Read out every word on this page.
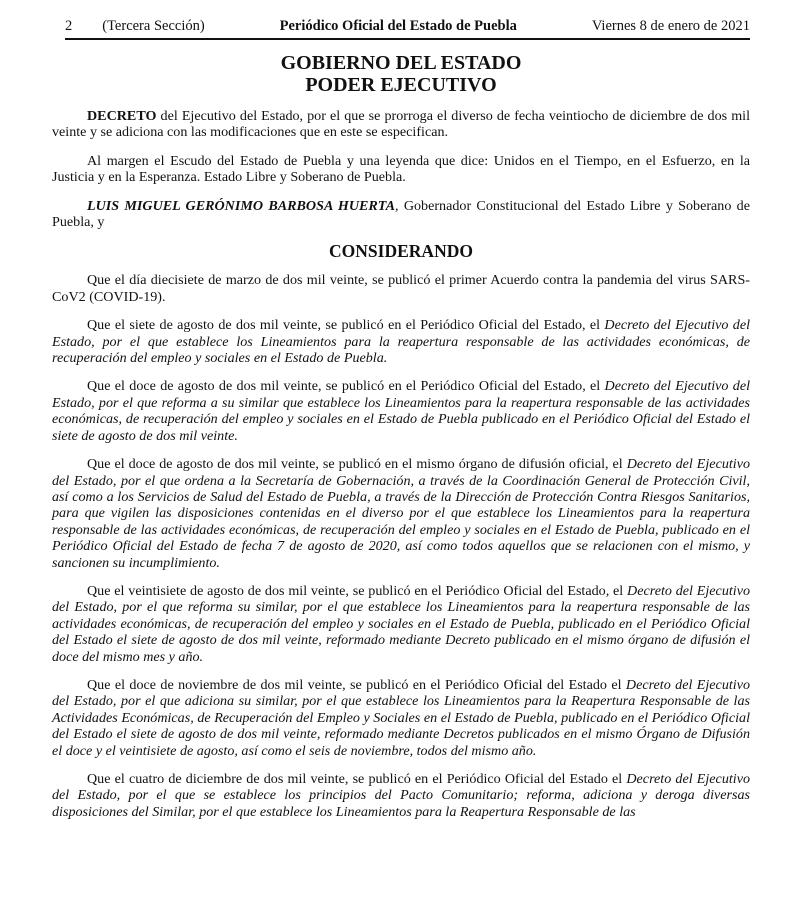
2 (Tercera Sección)	Periódico Oficial del Estado de Puebla	Viernes 8 de enero de 2021
GOBIERNO DEL ESTADO
PODER EJECUTIVO

DECRETO del Ejecutivo del Estado, por el que se prorroga el diverso de fecha veintiocho de diciembre de dos mil veinte y se adiciona con las modificaciones que en este se especifican.

Al margen el Escudo del Estado de Puebla y una leyenda que dice: Unidos en el Tiempo, en el Esfuerzo, en la Justicia y en la Esperanza. Estado Libre y Soberano de Puebla.

LUIS MIGUEL GERÓNIMO BARBOSA HUERTA, Gobernador Constitucional del Estado Libre y Soberano de Puebla, y

CONSIDERANDO

Que el día diecisiete de marzo de dos mil veinte, se publicó el primer Acuerdo contra la pandemia del virus SARS-CoV2 (COVID-19).

Que el siete de agosto de dos mil veinte, se publicó en el Periódico Oficial del Estado, el Decreto del Ejecutivo del Estado, por el que establece los Lineamientos para la reapertura responsable de las actividades económicas, de recuperación del empleo y sociales en el Estado de Puebla.

Que el doce de agosto de dos mil veinte, se publicó en el Periódico Oficial del Estado, el Decreto del Ejecutivo del Estado, por el que reforma a su similar que establece los Lineamientos para la reapertura responsable de las actividades económicas, de recuperación del empleo y sociales en el Estado de Puebla publicado en el Periódico Oficial del Estado el siete de agosto de dos mil veinte.

Que el doce de agosto de dos mil veinte, se publicó en el mismo órgano de difusión oficial, el Decreto del Ejecutivo del Estado, por el que ordena a la Secretaría de Gobernación, a través de la Coordinación General de Protección Civil, así como a los Servicios de Salud del Estado de Puebla, a través de la Dirección de Protección Contra Riesgos Sanitarios, para que vigilen las disposiciones contenidas en el diverso por el que establece los Lineamientos para la reapertura responsable de las actividades económicas, de recuperación del empleo y sociales en el Estado de Puebla, publicado en el Periódico Oficial del Estado de fecha 7 de agosto de 2020, así como todos aquellos que se relacionen con el mismo, y sancionen su incumplimiento.

Que el veintisiete de agosto de dos mil veinte, se publicó en el Periódico Oficial del Estado, el Decreto del Ejecutivo del Estado, por el que reforma su similar, por el que establece los Lineamientos para la reapertura responsable de las actividades económicas, de recuperación del empleo y sociales en el Estado de Puebla, publicado en el Periódico Oficial del Estado el siete de agosto de dos mil veinte, reformado mediante Decreto publicado en el mismo órgano de difusión el doce del mismo mes y año.

Que el doce de noviembre de dos mil veinte, se publicó en el Periódico Oficial del Estado el Decreto del Ejecutivo del Estado, por el que adiciona su similar, por el que establece los Lineamientos para la Reapertura Responsable de las Actividades Económicas, de Recuperación del Empleo y Sociales en el Estado de Puebla, publicado en el Periódico Oficial del Estado el siete de agosto de dos mil veinte, reformado mediante Decretos publicados en el mismo Órgano de Difusión el doce y el veintisiete de agosto, así como el seis de noviembre, todos del mismo año.

Que el cuatro de diciembre de dos mil veinte, se publicó en el Periódico Oficial del Estado el Decreto del Ejecutivo del Estado, por el que se establece los principios del Pacto Comunitario; reforma, adiciona y deroga diversas disposiciones del Similar, por el que establece los Lineamientos para la Reapertura Responsable de las
